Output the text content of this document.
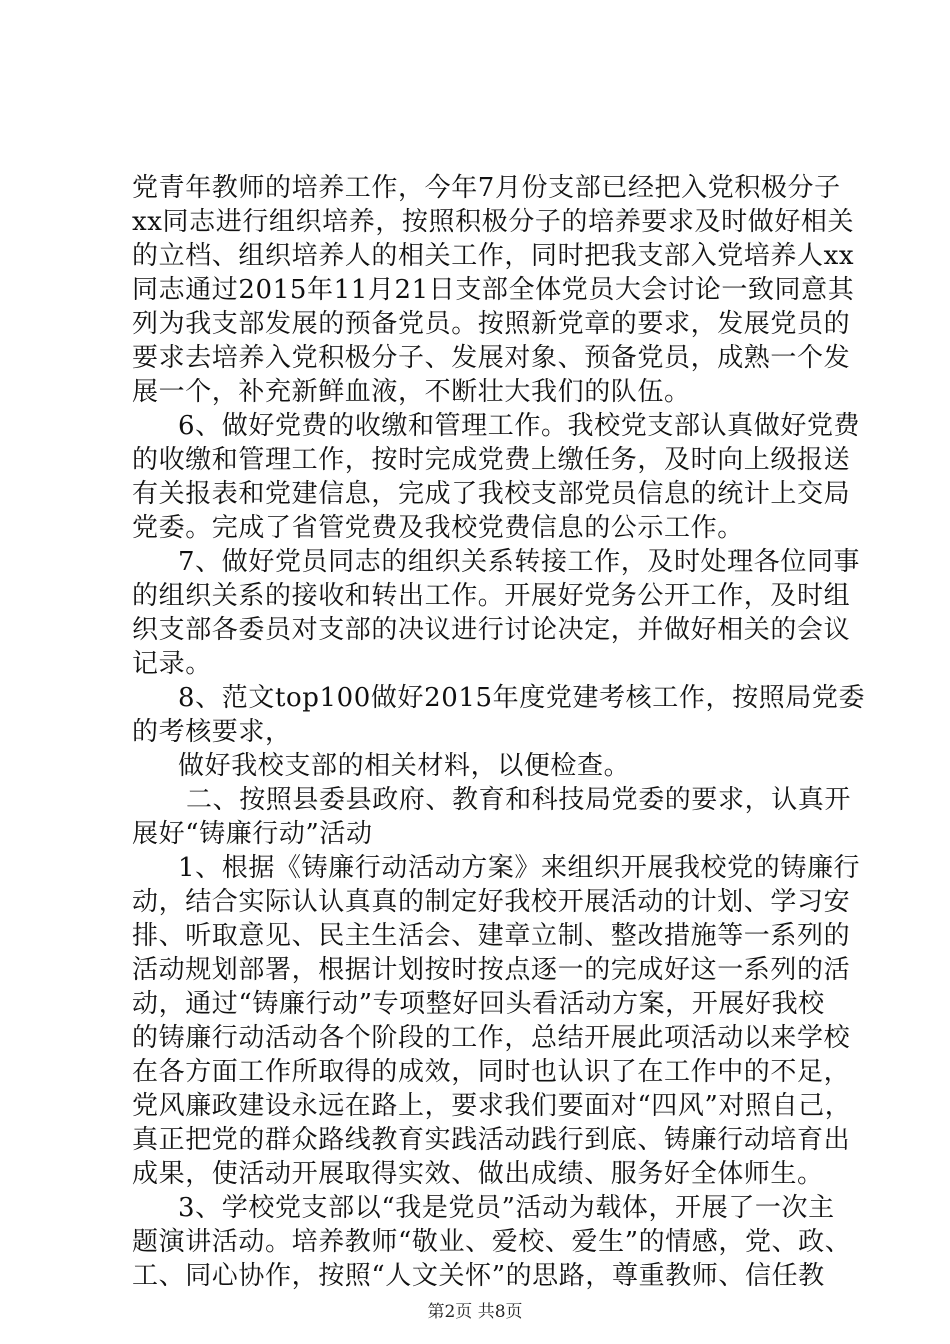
党青年教师的培养工作，今年7月份支部已经把入党积极分子
xx同志进行组织培养，按照积极分子的培养要求及时做好相关
的立档、组织培养人的相关工作，同时把我支部入党培养人xx
同志通过2015年11月21日支部全体党员大会讨论一致同意其
列为我支部发展的预备党员。按照新党章的要求，发展党员的
要求去培养入党积极分子、发展对象、预备党员，成熟一个发
展一个，补充新鲜血液，不断壮大我们的队伍。
6、做好党费的收缴和管理工作。我校党支部认真做好党费
的收缴和管理工作，按时完成党费上缴任务，及时向上级报送
有关报表和党建信息，完成了我校支部党员信息的统计上交局
党委。完成了省管党费及我校党费信息的公示工作。
7、做好党员同志的组织关系转接工作，及时处理各位同事
的组织关系的接收和转出工作。开展好党务公开工作，及时组
织支部各委员对支部的决议进行讨论决定，并做好相关的会议
记录。
8、范文top100做好2015年度党建考核工作，按照局党委
的考核要求，
做好我校支部的相关材料，以便检查。
二、按照县委县政府、教育和科技局党委的要求，认真开
展好“铸廉行动”活动
1、根据《铸廉行动活动方案》来组织开展我校党的铸廉行
动，结合实际认认真真的制定好我校开展活动的计划、学习安
排、听取意见、民主生活会、建章立制、整改措施等一系列的
活动规划部署，根据计划按时按点逐一的完成好这一系列的活
动，通过“铸廉行动”专项整好回头看活动方案，开展好我校
的铸廉行动活动各个阶段的工作，总结开展此项活动以来学校
在各方面工作所取得的成效，同时也认识了在工作中的不足，
党风廉政建设永远在路上，要求我们要面对“四风”对照自己，
真正把党的群众路线教育实践活动践行到底、铸廉行动培育出
成果，使活动开展取得实效、做出成绩、服务好全体师生。
3、学校党支部以“我是党员”活动为载体，开展了一次主
题演讲活动。培养教师“敬业、爱校、爱生”的情感，党、政、
工、同心协作，按照“人文关怀”的思路，尊重教师、信任教
第2页 共8页
